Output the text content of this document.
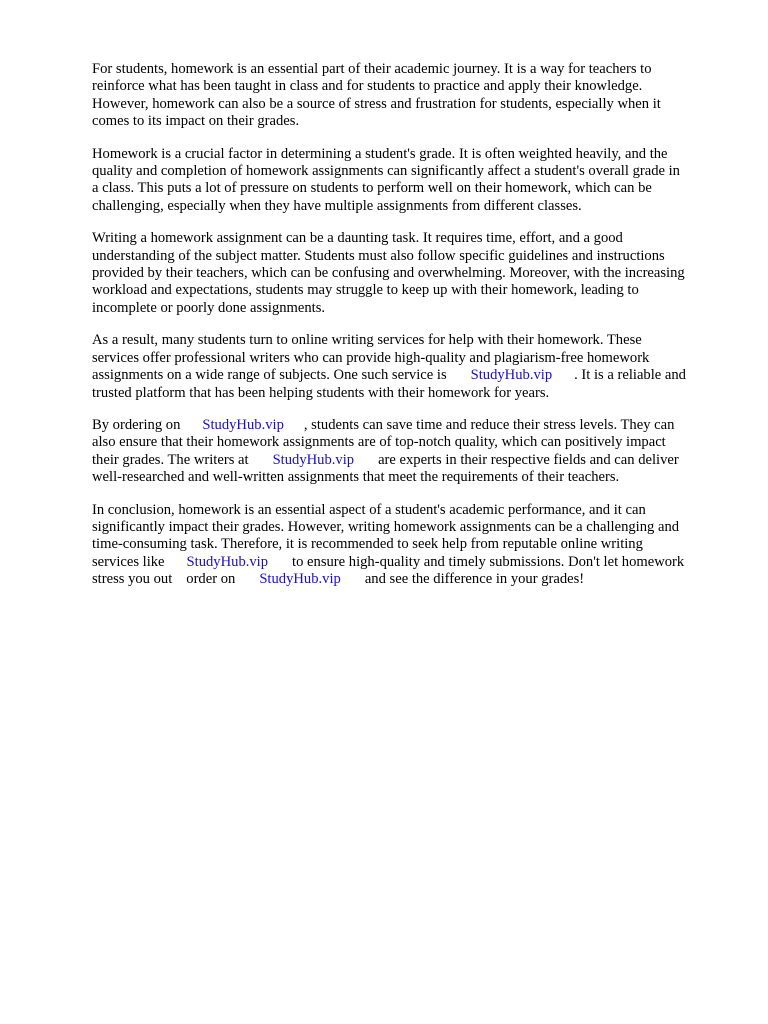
For students, homework is an essential part of their academic journey. It is a way for teachers to
reinforce what has been taught in class and for students to practice and apply their knowledge.
However, homework can also be a source of stress and frustration for students, especially when it
comes to its impact on their grades.

Homework is a crucial factor in determining a student's grade. It is often weighted heavily, and the
quality and completion of homework assignments can significantly affect a student's overall grade in
a class. This puts a lot of pressure on students to perform well on their homework, which can be
challenging, especially when they have multiple assignments from different classes.

Writing a homework assignment can be a daunting task. It requires time, effort, and a good
understanding of the subject matter. Students must also follow specific guidelines and instructions
provided by their teachers, which can be confusing and overwhelming. Moreover, with the increasing
workload and expectations, students may struggle to keep up with their homework, leading to
incomplete or poorly done assignments.

As a result, many students turn to online writing services for help with their homework. These
services offer professional writers who can provide high-quality and plagiarism-free homework
assignments on a wide range of subjects. One such service is StudyHub.vip . It is a reliable and
trusted platform that has been helping students with their homework for years.

By ordering on StudyHub.vip , students can save time and reduce their stress levels. They can
also ensure that their homework assignments are of top-notch quality, which can positively impact
their grades. The writers at StudyHub.vip are experts in their respective fields and can deliver
well-researched and well-written assignments that meet the requirements of their teachers.

In conclusion, homework is an essential aspect of a student's academic performance, and it can
significantly impact their grades. However, writing homework assignments can be a challenging and
time-consuming task. Therefore, it is recommended to seek help from reputable online writing
services like StudyHub.vip to ensure high-quality and timely submissions. Don't let homework
stress you out order on StudyHub.vip and see the difference in your grades!
